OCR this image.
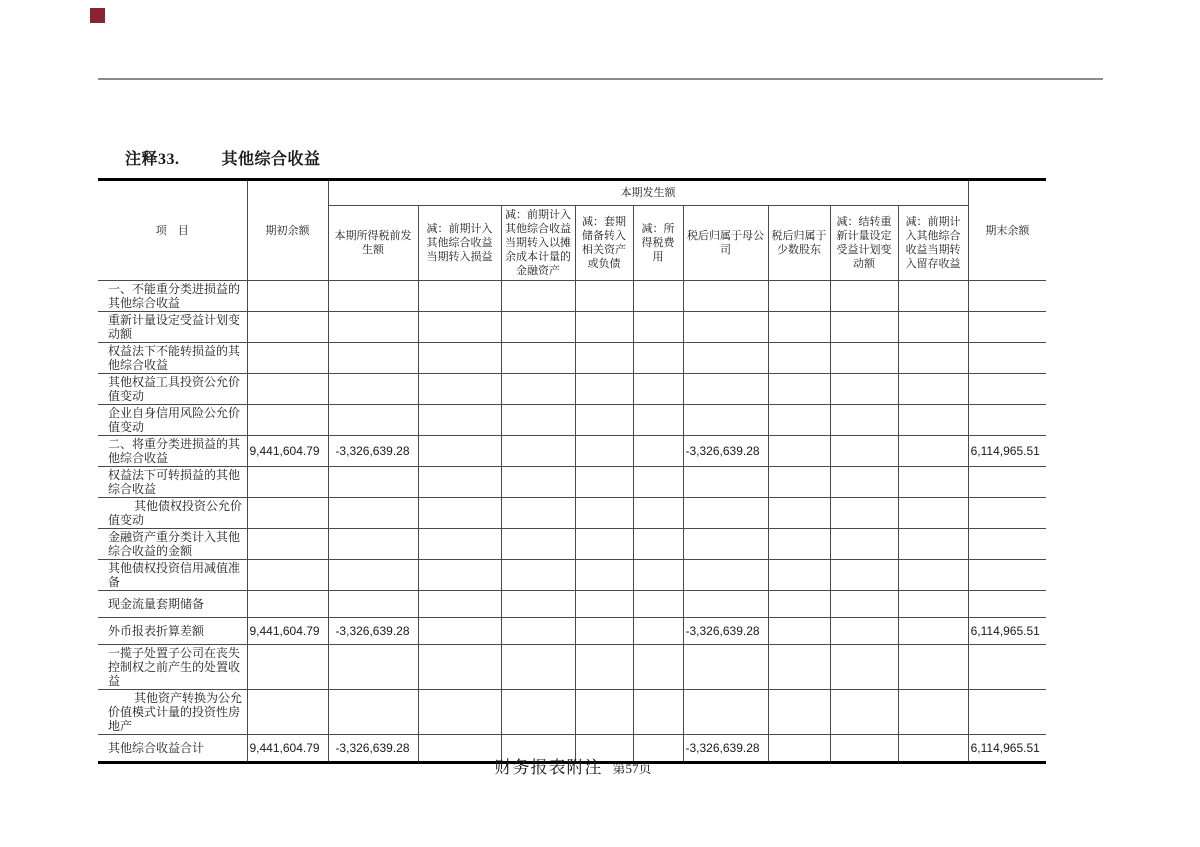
注释33.	其他综合收益
项　目	期初余额	本期发生额									期末余额
		本期所得税前发生额	减：前期计入其他综合收益当期转入损益	减：前期计入其他综合收益当期转入以摊余成本计量的金融资产	减：套期储备转入相关资产或负债	减：所得税费用	税后归属于母公司	税后归属于少数股东	减：结转重新计量设定受益计划变动额	减：前期计入其他综合收益当期转入留存收益	
一、不能重分类进损益的其他综合收益											
重新计量设定受益计划变动额											
权益法下不能转损益的其他综合收益											
其他权益工具投资公允价值变动											
企业自身信用风险公允价值变动											
二、将重分类进损益的其他综合收益	9,441,604.79	-3,326,639.28					-3,326,639.28				6,114,965.51
权益法下可转损益的其他综合收益											
其他债权投资公允价值变动											
金融资产重分类计入其他综合收益的金额											
其他债权投资信用减值准备											
现金流量套期储备											
外币报表折算差额	9,441,604.79	-3,326,639.28					-3,326,639.28				6,114,965.51
一揽子处置子公司在丧失控制权之前产生的处置收益											
其他资产转换为公允价值模式计量的投资性房地产											
其他综合收益合计	9,441,604.79	-3,326,639.28					-3,326,639.28				6,114,965.51
财务报表附注 第57页
